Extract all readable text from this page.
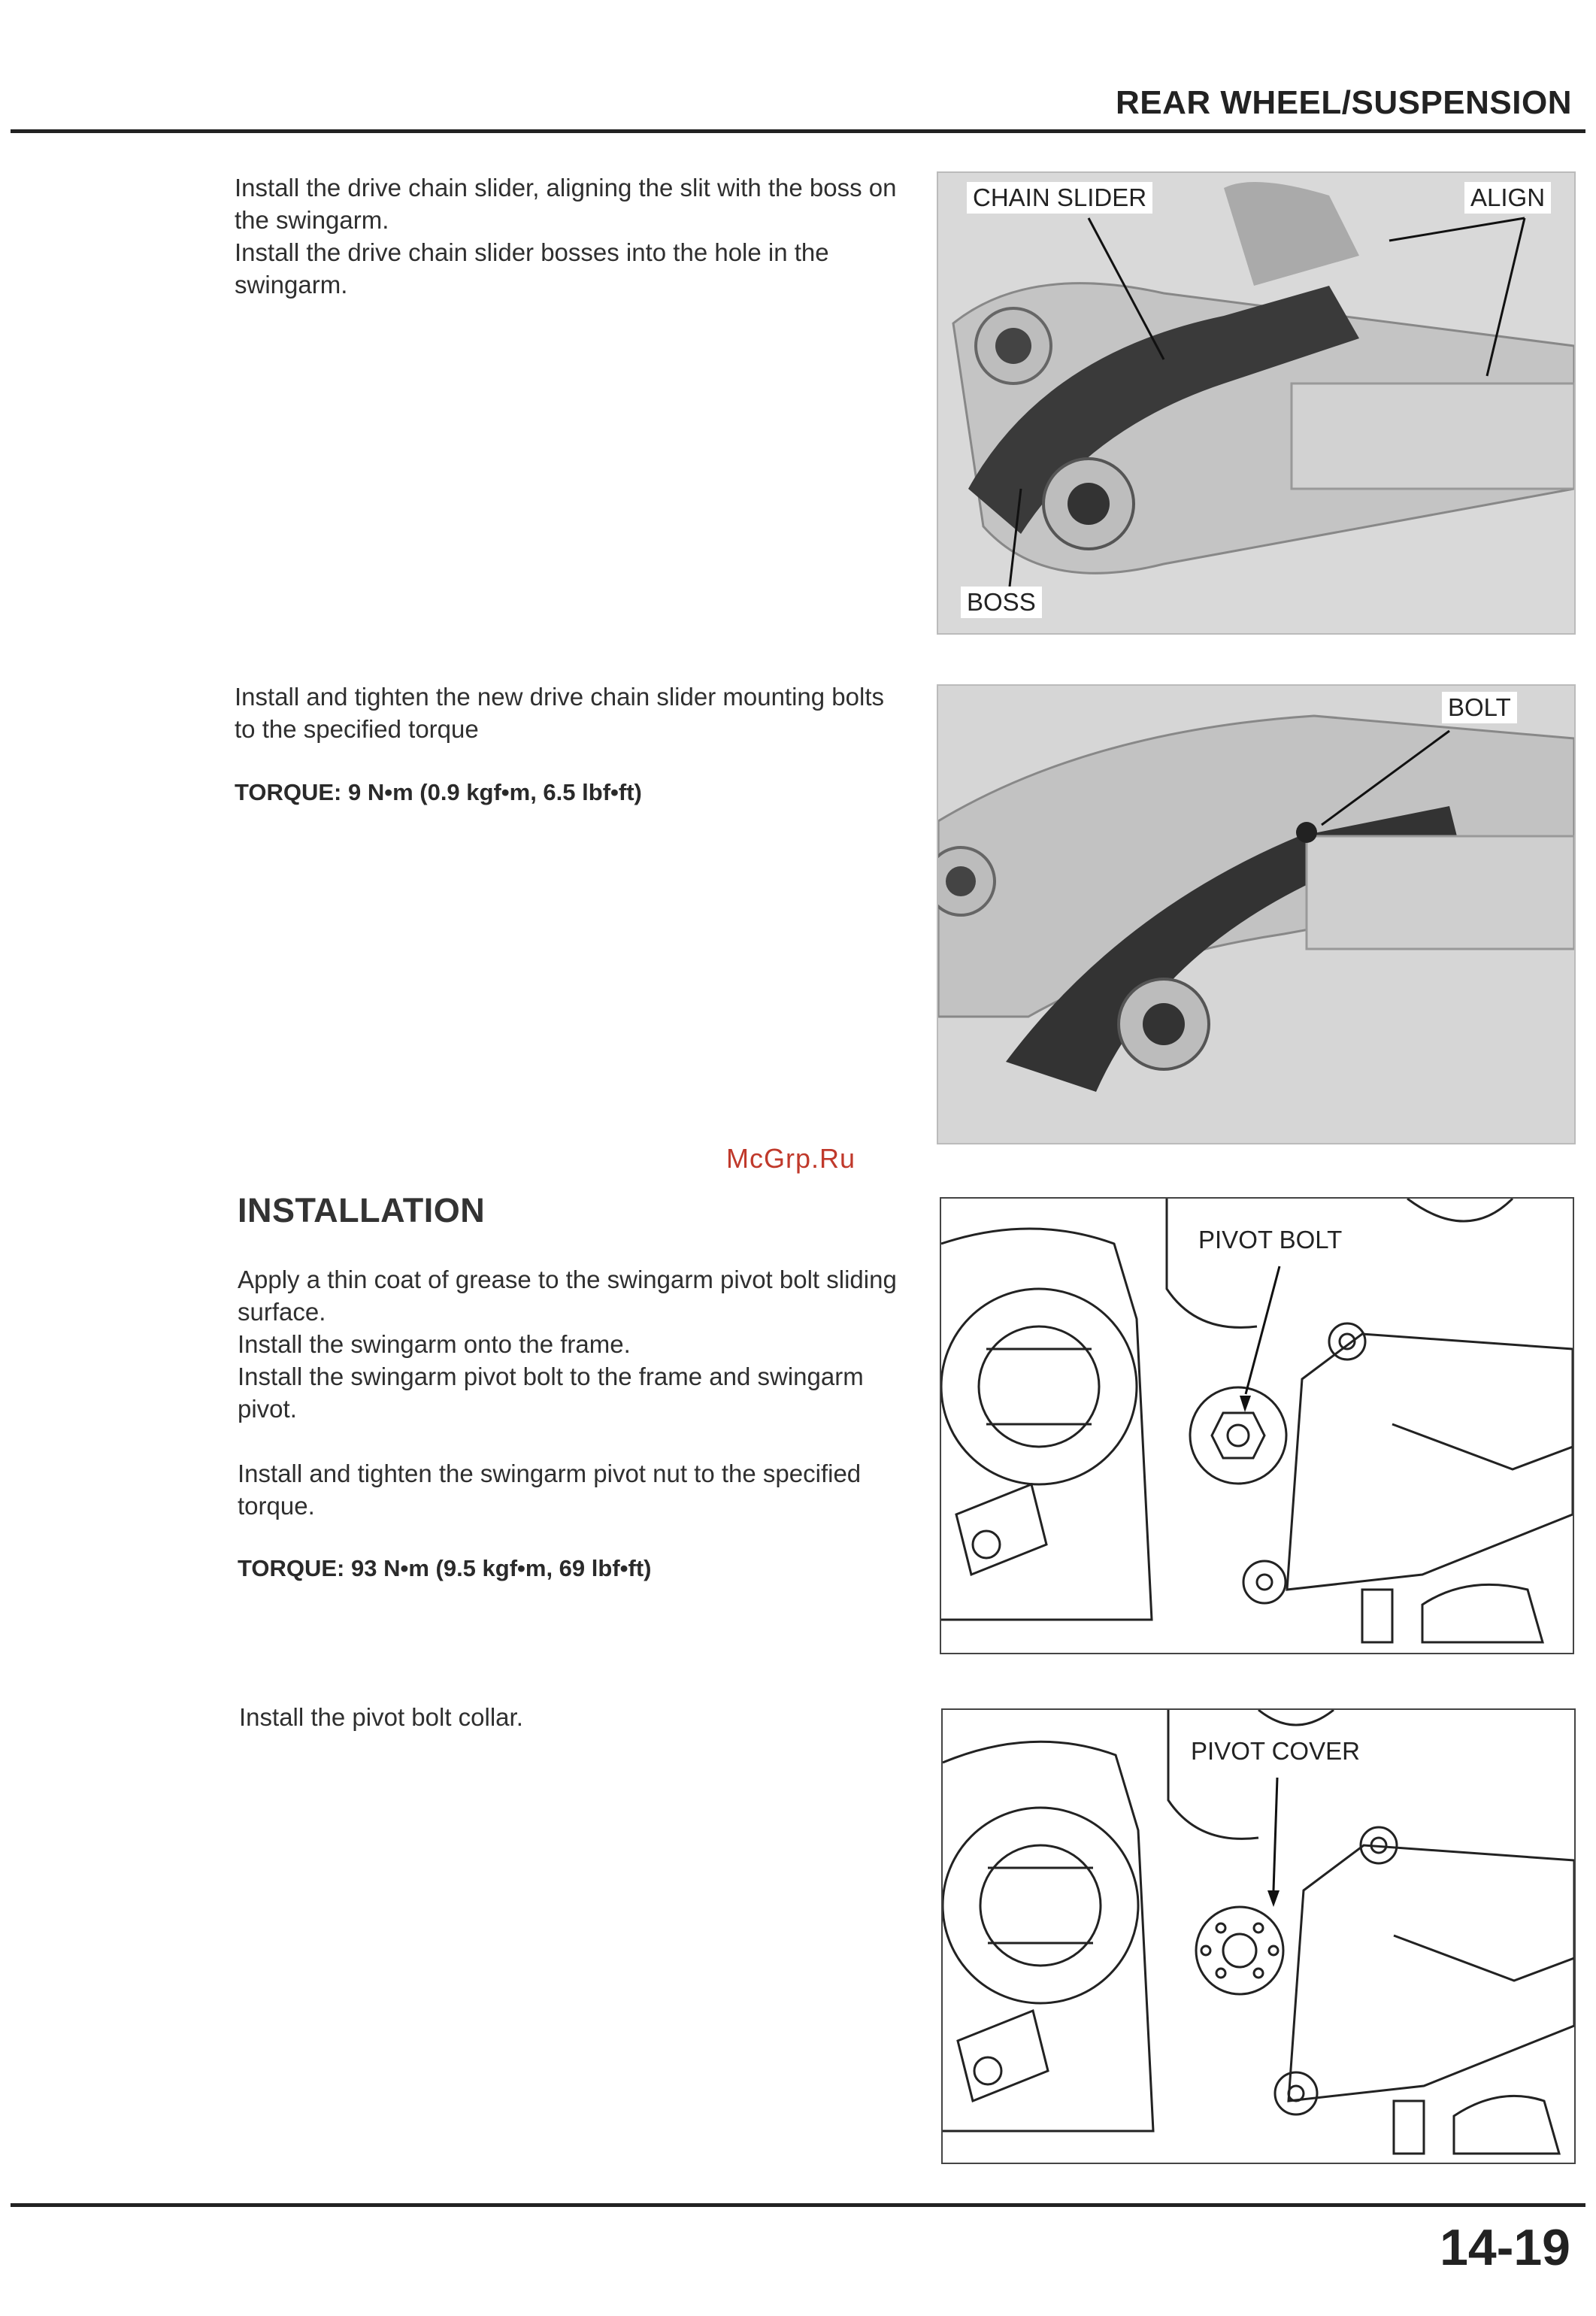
REAR WHEEL/SUSPENSION

Install the drive chain slider, aligning the slit with the boss on the swingarm.

Install the drive chain slider bosses into the hole in the swingarm.

CHAIN SLIDER	ALIGN
BOSS

Install and tighten the new drive chain slider mounting bolts to the specified torque

TORQUE: 9 N•m (0.9 kgf•m, 6.5 lbf•ft)
BOLT
McGrp.Ru
INSTALLATION

Apply a thin coat of grease to the swingarm pivot bolt sliding surface.

Install the swingarm onto the frame.

Install the swingarm pivot bolt to the frame and swingarm pivot.

Install and tighten the swingarm pivot nut to the specified torque.

TORQUE: 93 N•m (9.5 kgf•m, 69 lbf•ft)
PIVOT BOLT

Install the pivot bolt collar.

PIVOT COVER
14-19
